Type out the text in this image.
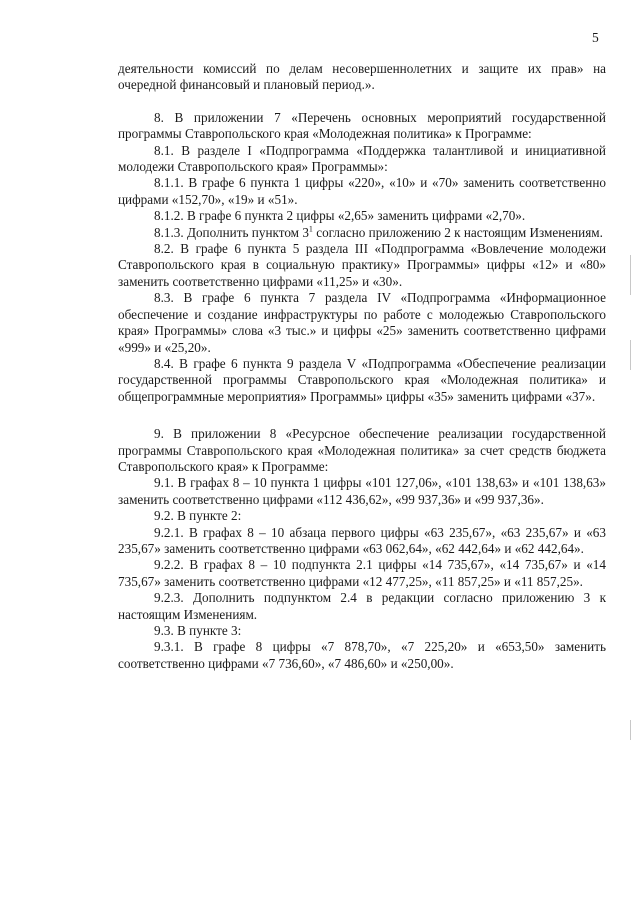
5

деятельности комиссий по делам несовершеннолетних и защите их прав» на очередной финансовый и плановый период.».

8. В приложении 7 «Перечень основных мероприятий государственной программы Ставропольского края «Молодежная политика» к Программе:

8.1. В разделе I «Подпрограмма «Поддержка талантливой и инициативной молодежи Ставропольского края» Программы»:

8.1.1. В графе 6 пункта 1 цифры «220», «10» и «70» заменить соответственно цифрами «152,70», «19» и «51».

8.1.2. В графе 6 пункта 2 цифры «2,65» заменить цифрами «2,70».

8.1.3. Дополнить пунктом $3^1$ согласно приложению 2 к настоящим Изменениям.

8.2. В графе 6 пункта 5 раздела III «Подпрограмма «Вовлечение молодежи Ставропольского края в социальную практику» Программы» цифры «12» и «80» заменить соответственно цифрами «11,25» и «30».

8.3. В графе 6 пункта 7 раздела IV «Подпрограмма «Информационное обеспечение и создание инфраструктуры по работе с молодежью Ставропольского края» Программы» слова «3 тыс.» и цифры «25» заменить соответственно цифрами «999» и «25,20».

8.4. В графе 6 пункта 9 раздела V «Подпрограмма «Обеспечение реализации государственной программы Ставропольского края «Молодежная политика» и общепрограммные мероприятия» Программы» цифры «35» заменить цифрами «37».

9. В приложении 8 «Ресурсное обеспечение реализации государственной программы Ставропольского края «Молодежная политика» за счет средств бюджета Ставропольского края» к Программе:

9.1. В графах 8 – 10 пункта 1 цифры «101 127,06», «101 138,63» и «101 138,63» заменить соответственно цифрами «112 436,62», «99 937,36» и «99 937,36».

9.2. В пункте 2:

9.2.1. В графах 8 – 10 абзаца первого цифры «63 235,67», «63 235,67» и «63 235,67» заменить соответственно цифрами «63 062,64», «62 442,64» и «62 442,64».

9.2.2. В графах 8 – 10 подпункта 2.1 цифры «14 735,67», «14 735,67» и «14 735,67» заменить соответственно цифрами «12 477,25», «11 857,25» и «11 857,25».

9.2.3. Дополнить подпунктом 2.4 в редакции согласно приложению 3 к настоящим Изменениям.

9.3. В пункте 3:

9.3.1. В графе 8 цифры «7 878,70», «7 225,20» и «653,50» заменить соответственно цифрами «7 736,60», «7 486,60» и «250,00».
